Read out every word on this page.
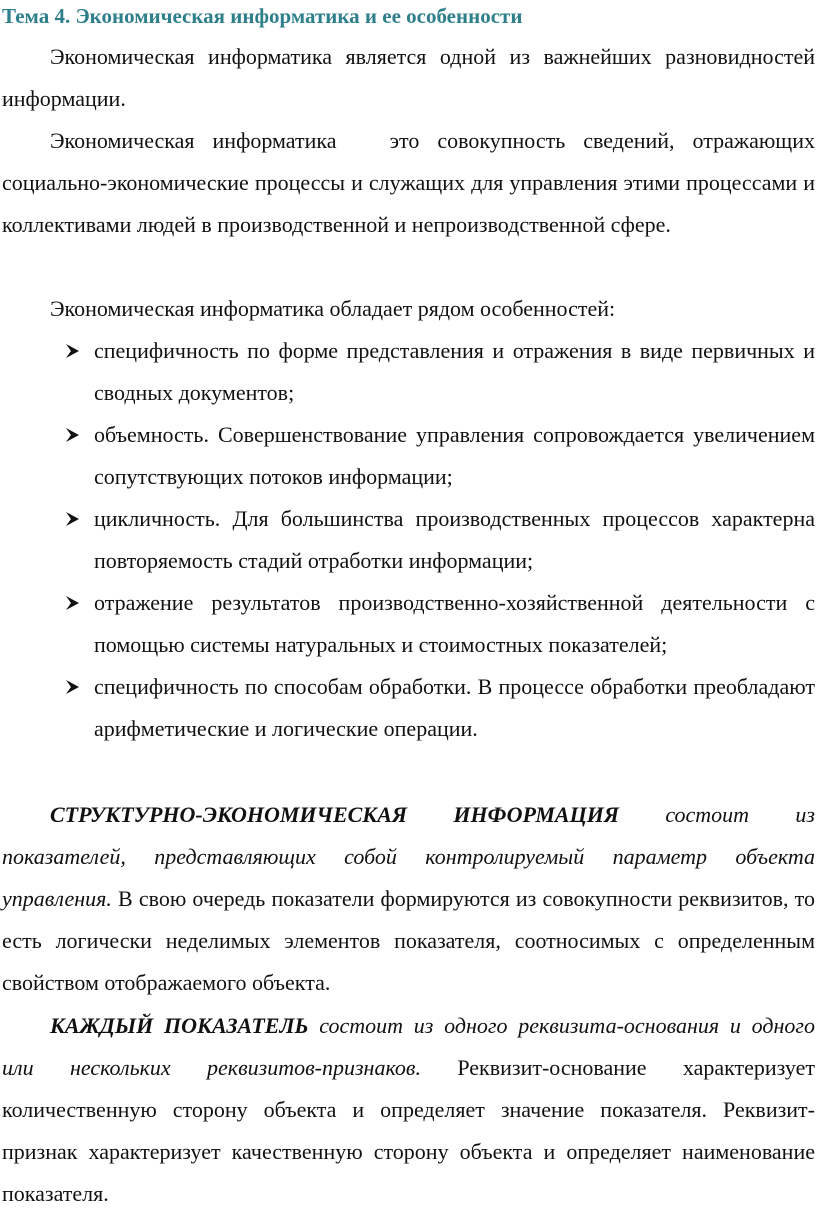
Тема 4. Экономическая информатика и ее особенности

Экономическая информатика является одной из важнейших разновидностей информации.

Экономическая информатика это совокупность сведений, отражающих социально-экономические процессы и служащих для управления этими процессами и коллективами людей в производственной и непроизводственной сфере.

Экономическая информатика обладает рядом особенностей:

специфичность по форме представления и отражения в виде первичных и сводных документов;
объемность. Совершенствование управления сопровождается увеличением сопутствующих потоков информации;
цикличность. Для большинства производственных процессов характерна повторяемость стадий отработки информации;
отражение результатов производственно-хозяйственной деятельности с помощью системы натуральных и стоимостных показателей;
специфичность по способам обработки. В процессе обработки преобладают арифметические и логические операции.

СТРУКТУРНО-ЭКОНОМИЧЕСКАЯ ИНФОРМАЦИЯ состоит из показателей, представляющих собой контролируемый параметр объекта управления. В свою очередь показатели формируются из совокупности реквизитов, то есть логически неделимых элементов показателя, соотносимых с определенным свойством отображаемого объекта.

КАЖДЫЙ ПОКАЗАТЕЛЬ состоит из одного реквизита-основания и одного или нескольких реквизитов-признаков. Реквизит-основание характеризует количественную сторону объекта и определяет значение показателя. Реквизит-признак характеризует качественную сторону объекта и определяет наименование показателя.
